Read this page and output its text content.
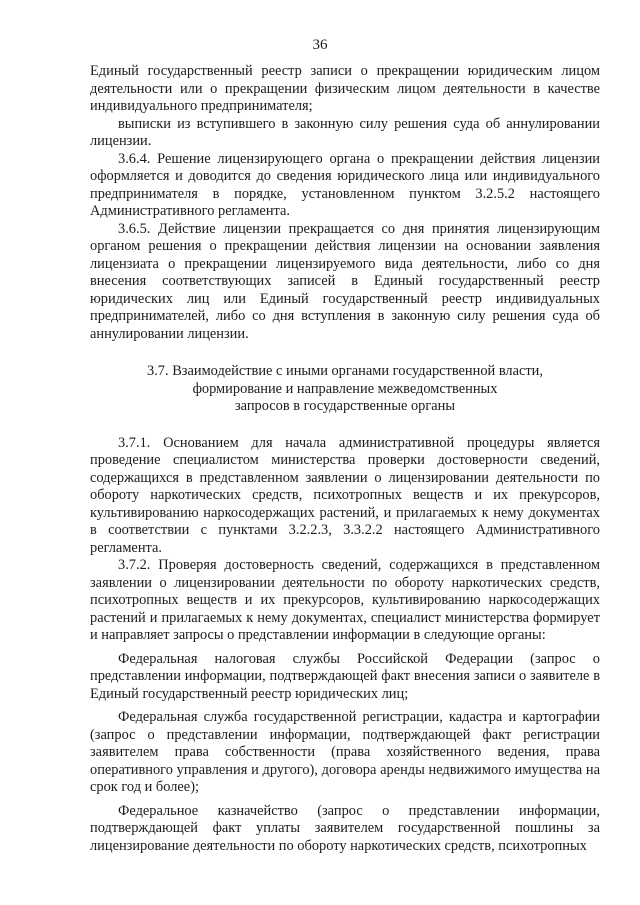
36

Единый государственный реестр записи о прекращении юридическим лицом деятельности или о прекращении физическим лицом деятельности в качестве индивидуального предпринимателя;

выписки из вступившего в законную силу решения суда об аннулировании лицензии.

3.6.4. Решение лицензирующего органа о прекращении действия лицензии оформляется и доводится до сведения юридического лица или индивидуального предпринимателя в порядке, установленном пунктом 3.2.5.2 настоящего Административного регламента.

3.6.5. Действие лицензии прекращается со дня принятия лицензирующим органом решения о прекращении действия лицензии на основании заявления лицензиата о прекращении лицензируемого вида деятельности, либо со дня внесения соответствующих записей в Единый государственный реестр юридических лиц или Единый государственный реестр индивидуальных предпринимателей, либо со дня вступления в законную силу решения суда об аннулировании лицензии.

3.7. Взаимодействие с иными органами государственной власти,
формирование и направление межведомственных
запросов в государственные органы

3.7.1. Основанием для начала административной процедуры является проведение специалистом министерства проверки достоверности сведений, содержащихся в представленном заявлении о лицензировании деятельности по обороту наркотических средств, психотропных веществ и их прекурсоров, культивированию наркосодержащих растений, и прилагаемых к нему документах в соответствии с пунктами 3.2.2.3, 3.3.2.2 настоящего Административного регламента.

3.7.2. Проверяя достоверность сведений, содержащихся в представленном заявлении о лицензировании деятельности по обороту наркотических средств, психотропных веществ и их прекурсоров, культивированию наркосодержащих растений и прилагаемых к нему документах, специалист министерства формирует и направляет запросы о представлении информации в следующие органы:

Федеральная налоговая службы Российской Федерации (запрос о представлении информации, подтверждающей факт внесения записи о заявителе в Единый государственный реестр юридических лиц;

Федеральная служба государственной регистрации, кадастра и картографии (запрос о представлении информации, подтверждающей факт регистрации заявителем права собственности (права хозяйственного ведения, права оперативного управления и другого), договора аренды недвижимого имущества на срок год и более);

Федеральное казначейство (запрос о представлении информации, подтверждающей факт уплаты заявителем государственной пошлины за лицензирование деятельности по обороту наркотических средств, психотропных
